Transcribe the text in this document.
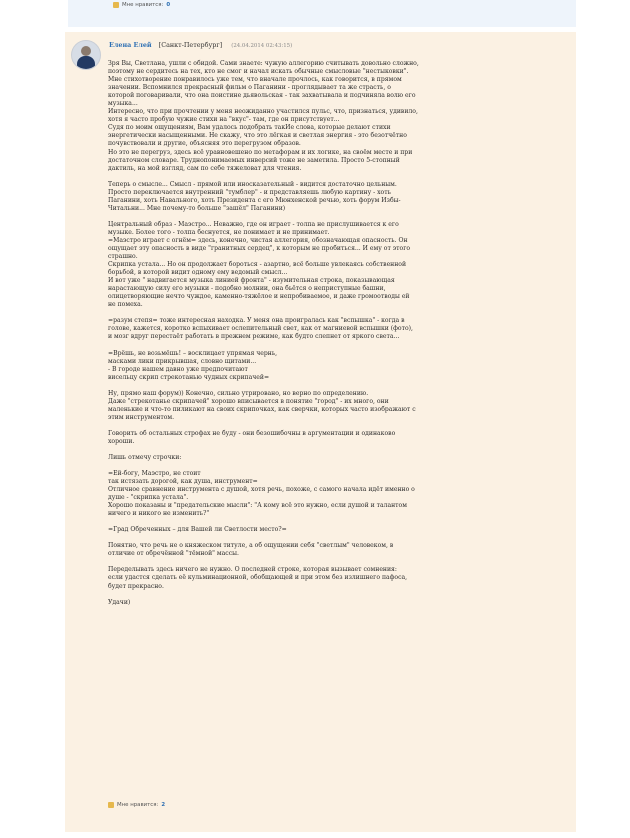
Мне нравится: 0
Елена Елей [Санкт-Петербург] (24.04.2014 02:43:15)

Зря Вы, Светлана, ушли с обидой. Сами знаете: чужую аллегорию считывать довольно сложно,
поэтому не сердитесь на тех, кто не смог и начал искать обычные смысловые "нестыковки".
Мне стихотворение понравилось уже тем, что вначале прочлось, как говорится, в прямом
значении. Вспомнился прекрасный фильм о Паганини - проглядывает та же страсть, о
которой поговаривали, что она поистине дьявольская - так захватывала и подчиняла волю его
музыка...
Интересно, что при прочтении у меня неожиданно участился пульс, что, признаться, удивило,
хотя я часто пробую чужие стихи на "вкус"- там, где он присутствует...
Судя по моим ощущениям, Вам удалось подобрать такИе слова, которые делают стихи
энергетически насыщенными. Не скажу, что это лёгкая и светлая энергия - это безотчётно
почувствовали и другие, объясняя это перегрузом образов.
Но это не перегруз, здесь всё уравновешено по метафорам и их логике, на своём месте и при
достаточном словаре. Труднопонимаемых инверсий тоже не заметила. Просто 5-стопный
дактиль, на мой взгляд, сам по себе тяжеловат для чтения.

Теперь о смысле... Смысл - прямой или иносказательный - видится достаточно цельным.
Просто переключается внутренний "тумблер" - и представляешь любую картину - хоть
Паганини, хоть Навального, хоть Президента с его Мюнхенской речью, хоть форум Избы-
Читальни... Мне почему-то больше "зашёл" Паганини)

Центральный образ - Маэстро... Неважно, где он играет - толпа не прислушивается к его
музыке. Более того - толпа беснуется, не понимает и не принимает.
=Маэстро играет с огнём= здесь, конечно, чистая аллегория, обозначающая опасность. Он
ощущает эту опасность в виде "гранитных сердец", к которым не пробиться... И ему от этого
страшно.
Скрипка устала... Но он продолжает бороться - азартно, всё больше увлекаясь собственной
борьбой, в которой видит одному ему ведомый смысл...
И вот уже " надвигается музыка линией фронта" - изумительная строка, показывающая
нарастающую силу его музыки - подобно молнии, она бьётся о неприступные башни,
олицетворяющие нечто чуждое, каменно-тяжёлое и непробиваемое, и даже громоотводы ей
не помеха.

=разум степя= тоже интересная находка. У меня она проигралась как "вспышка" - когда в
голове, кажется, коротко вспыхивает ослепительный свет, как от магниевой вспышки (фото),
и мозг вдруг перестаёт работать в прежнем режиме, как будто слепнет от яркого света...

=Врёшь, не возьмёшь! – восклицает упрямая чернь,
масками лики прикрывшая, словно щитами...
- В городе нашем давно уже предпочитают
висельцу скрип стрекотанью чудных скрипачей=

Ну, прямо наш форум)) Конечно, сильно утрировано, но верно по определению.
Даже "стрекотанье скрипачей" хорошо вписывается в понятие "город" - их много, они
маленькие и что-то пиликают на своих скрипочках, как сверчки, которых часто изображают с
этим инструментом.

Говорить об остальных строфах не буду - они безошибочны в аргументации и одинаково
хороши.

Лишь отмечу строчки:

=Ей-богу, Маэстро, не стоит
так истязать дорогой, как душа, инструмент=
Отличное сравнение инструмента с душой, хотя речь, похоже, с самого начала идёт именно о
душе - "скрипка устала".
Хорошо показаны и "предательские мысли": "А кому всё это нужно, если душой и талантом
ничего и никого не изменить?"

=Град Обреченных – для Вашей ли Светлости место?=

Понятно, что речь не о княжеском титуле, а об ощущении себя "светлым" человеком, в
отличие от обречённой "тёмной" массы.

Переделывать здесь ничего не нужно. О последней строке, которая вызывает сомнения:
если удастся сделать её кульминационной, обобщающей и при этом без излишнего пафоса,
будет прекрасно.

Удачи)

Мне нравится: 2
